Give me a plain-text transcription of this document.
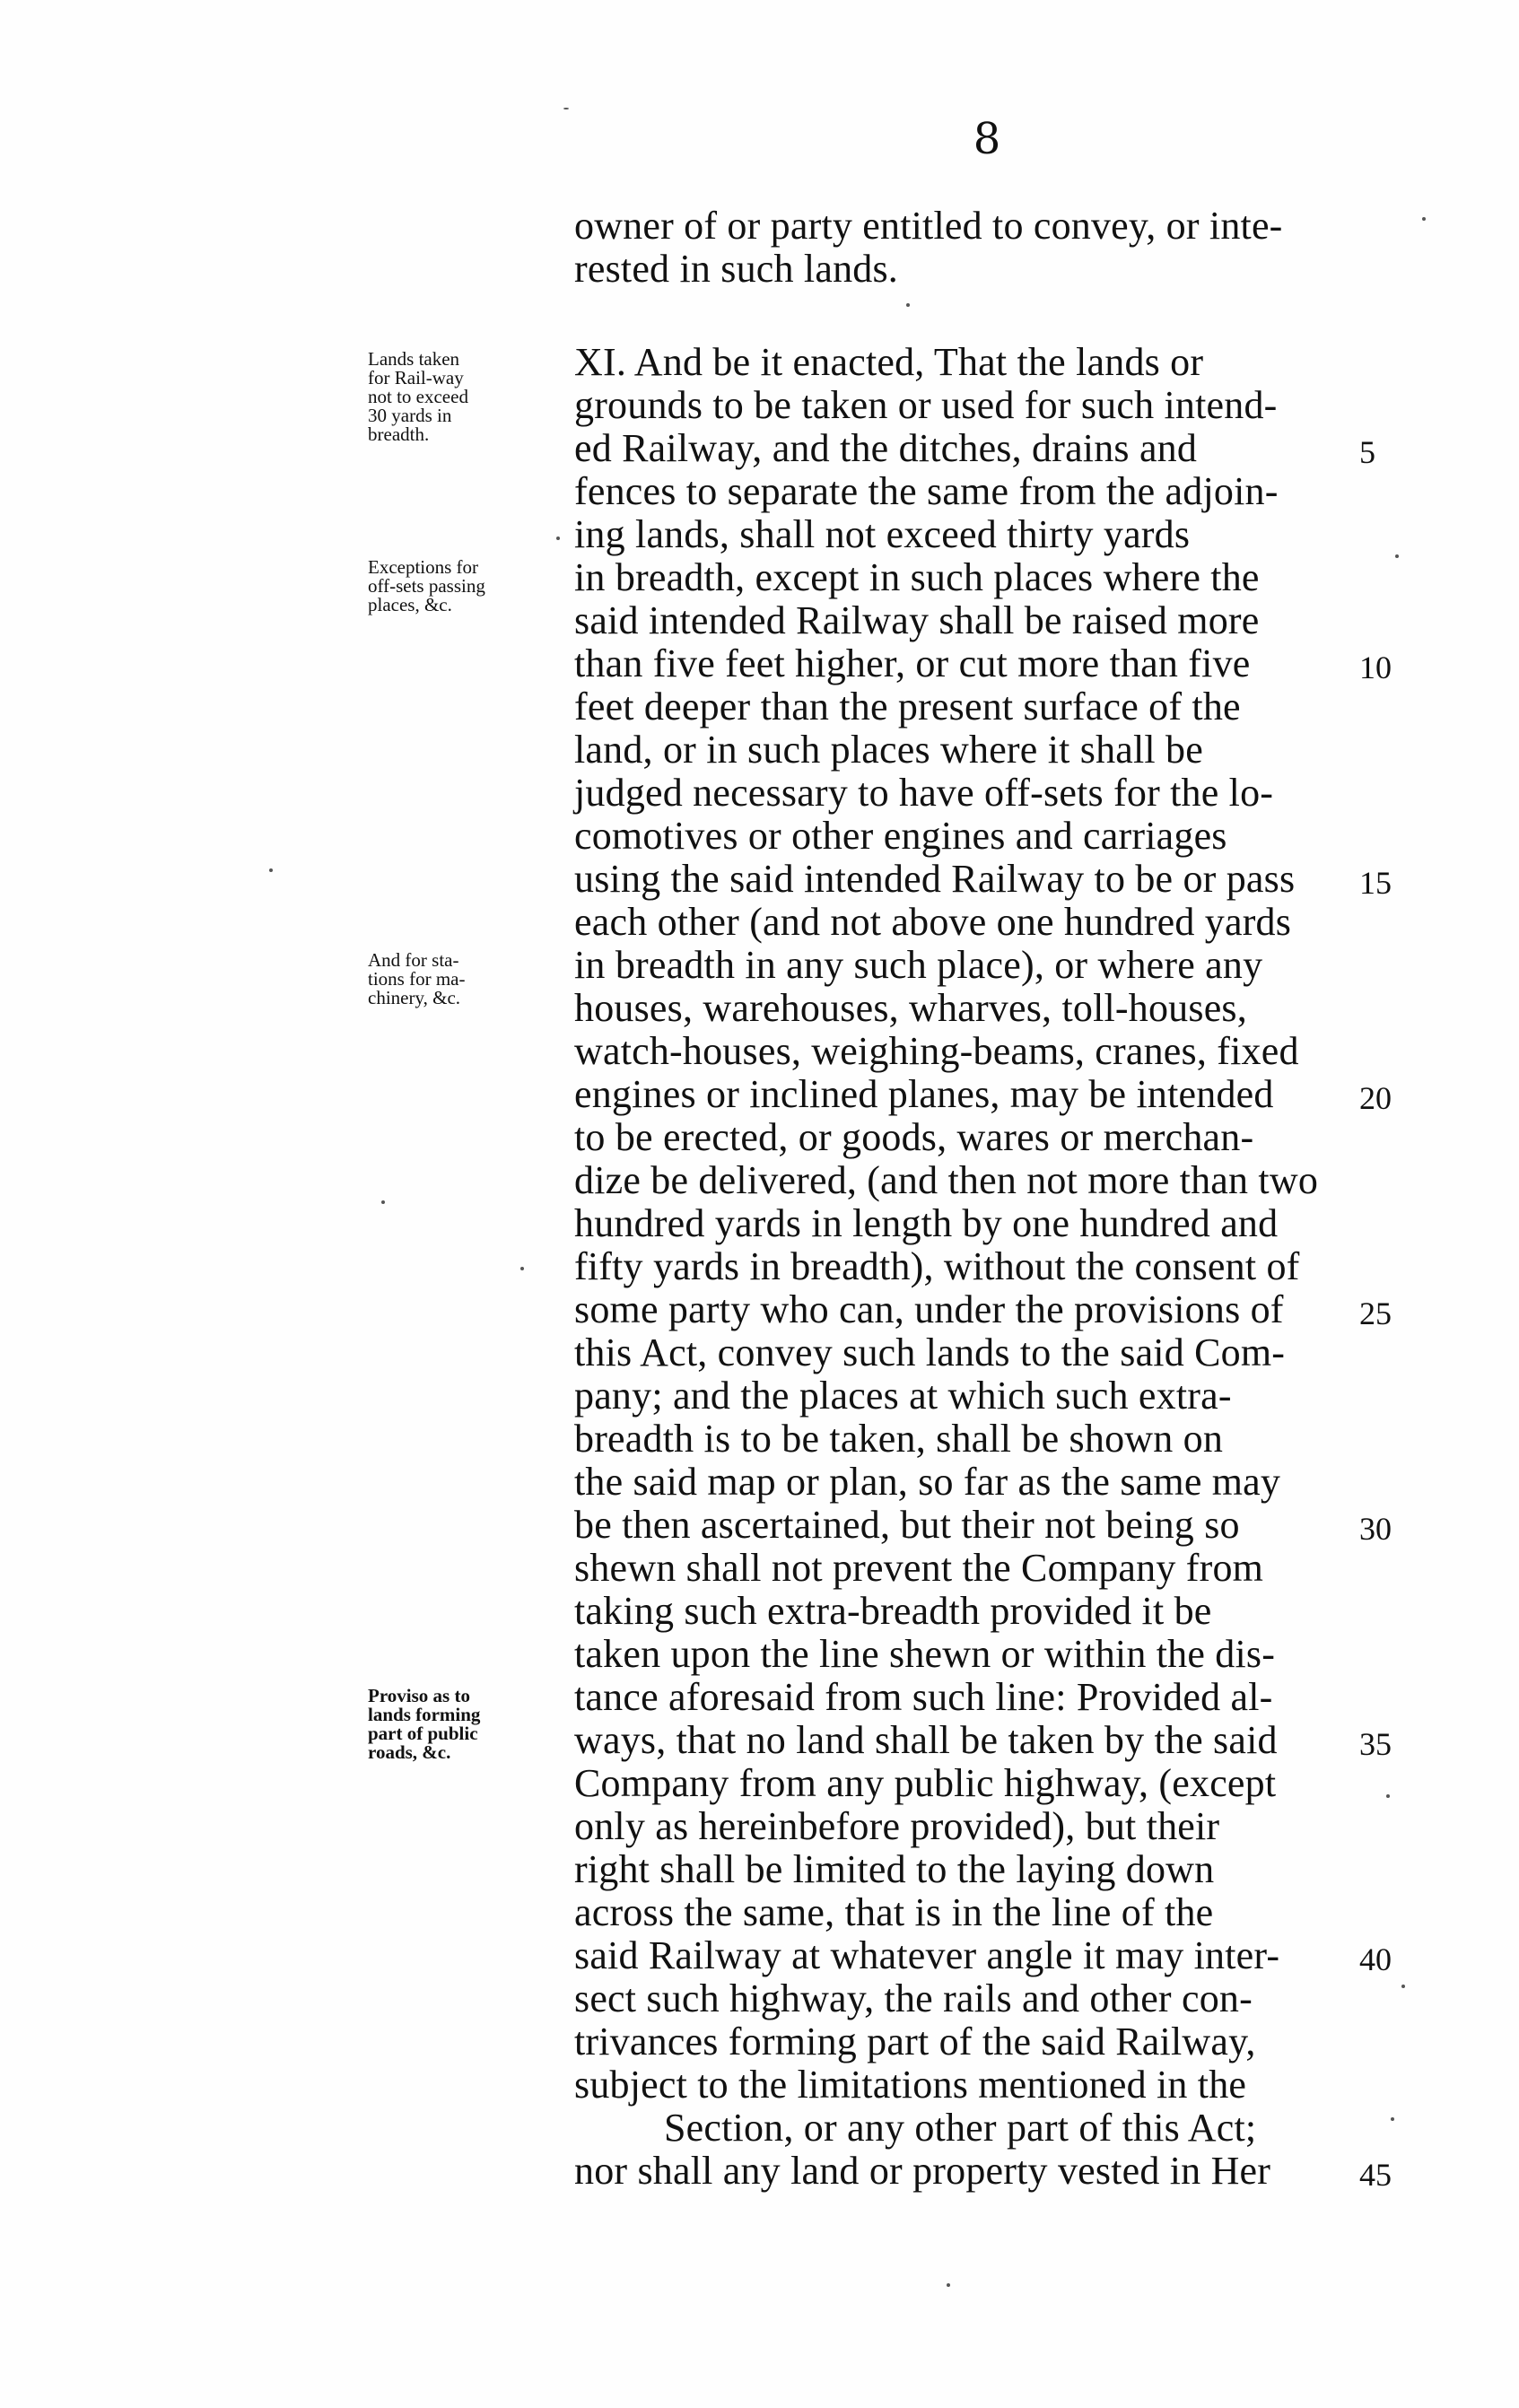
8
owner of or party entitled to convey, or inte-
rested in such lands.
XI. And be it enacted, That the lands or
grounds to be taken or used for such intend-
ed Railway, and the ditches, drains and
fences to separate the same from the adjoin-
ing lands, shall not exceed thirty yards
in breadth, except in such places where the
said intended Railway shall be raised more
than five feet higher, or cut more than five
feet deeper than the present surface of the
land, or in such places where it shall be
judged necessary to have off-sets for the lo-
comotives or other engines and carriages
using the said intended Railway to be or pass
each other (and not above one hundred yards
in breadth in any such place), or where any
houses, warehouses, wharves, toll-houses,
watch-houses, weighing-beams, cranes, fixed
engines or inclined planes, may be intended
to be erected, or goods, wares or merchan-
dize be delivered, (and then not more than two
hundred yards in length by one hundred and
fifty yards in breadth), without the consent of
some party who can, under the provisions of
this Act, convey such lands to the said Com-
pany; and the places at which such extra-
breadth is to be taken, shall be shown on
the said map or plan, so far as the same may
be then ascertained, but their not being so
shewn shall not prevent the Company from
taking such extra-breadth provided it be
taken upon the line shewn or within the dis-
tance aforesaid from such line: Provided al-
ways, that no land shall be taken by the said
Company from any public highway, (except
only as hereinbefore provided), but their
right shall be limited to the laying down
across the same, that is in the line of the
said Railway at whatever angle it may inter-
sect such highway, the rails and other con-
trivances forming part of the said Railway,
subject to the limitations mentioned in the
Section, or any other part of this Act;
nor shall any land or property vested in Her
5
10
15
20
25
30
35
40
45
Lands taken
for Rail-way
not to exceed
30 yards in
breadth.
Exceptions for
off-sets passing
places, &c.
And for sta-
tions for ma-
chinery, &c.
Proviso as to
lands forming
part of public
roads, &c.
